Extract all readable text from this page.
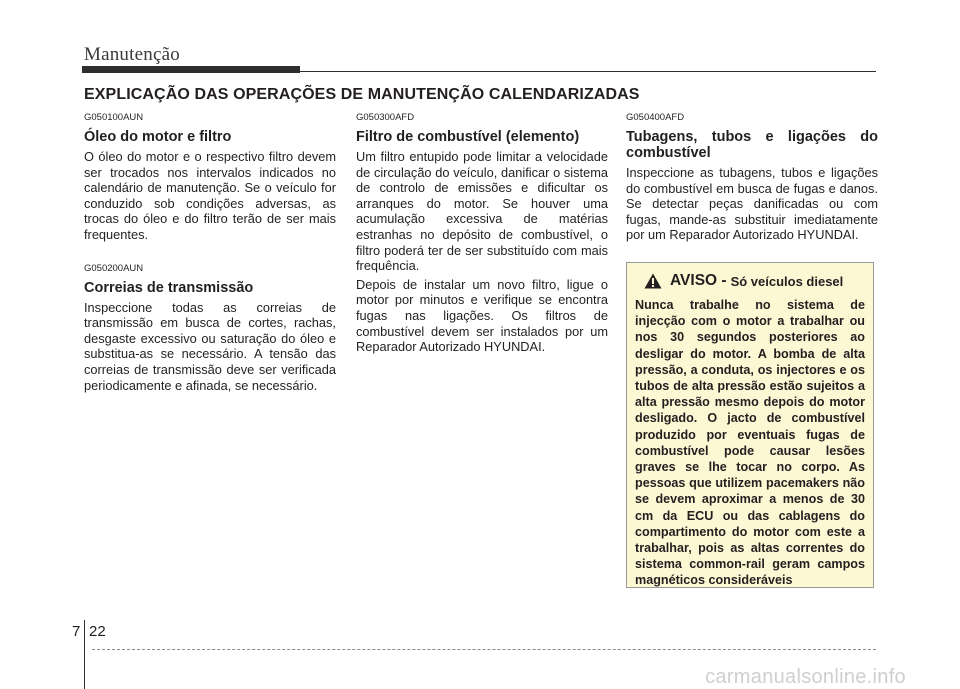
Manutenção
EXPLICAÇÃO DAS OPERAÇÕES DE MANUTENÇÃO CALENDARIZADAS
G050100AUN
Óleo do motor e filtro

O óleo do motor e o respectivo filtro devem ser trocados nos intervalos indicados no calendário de manutenção. Se o veículo for conduzido sob condições adversas, as trocas do óleo e do filtro terão de ser mais frequentes.

G050200AUN
Correias de transmissão

Inspeccione todas as correias de transmissão em busca de cortes, rachas, desgaste excessivo ou saturação do óleo e substitua-as se necessário. A tensão das correias de transmissão deve ser verificada periodicamente e afinada, se necessário.

G050300AFD
Filtro de combustível (elemento)

Um filtro entupido pode limitar a velocidade de circulação do veículo, danificar o sistema de controlo de emissões e dificultar os arranques do motor. Se houver uma acumulação excessiva de matérias estranhas no depósito de combustível, o filtro poderá ter de ser substituído com mais frequência.

Depois de instalar um novo filtro, ligue o motor por minutos e verifique se encontra fugas nas ligações. Os filtros de combustível devem ser instalados por um Reparador Autorizado HYUNDAI.

G050400AFD
Tubagens, tubos e ligações do combustível

Inspeccione as tubagens, tubos e ligações do combustível em busca de fugas e danos. Se detectar peças danificadas ou com fugas, mande-as substituir imediatamente por um Reparador Autorizado HYUNDAI.

AVISO - Só veículos diesel

Nunca trabalhe no sistema de injecção com o motor a trabalhar ou nos 30 segundos posteriores ao desligar do motor. A bomba de alta pressão, a conduta, os injectores e os tubos de alta pressão estão sujeitos a alta pressão mesmo depois do motor desligado. O jacto de combustível produzido por eventuais fugas de combustível pode causar lesões graves se lhe tocar no corpo. As pessoas que utilizem pacemakers não se devem aproximar a menos de 30 cm da ECU ou das cablagens do compartimento do motor com este a trabalhar, pois as altas correntes do sistema common-rail geram campos magnéticos consideráveis

7 22
carmanualsonline.info
